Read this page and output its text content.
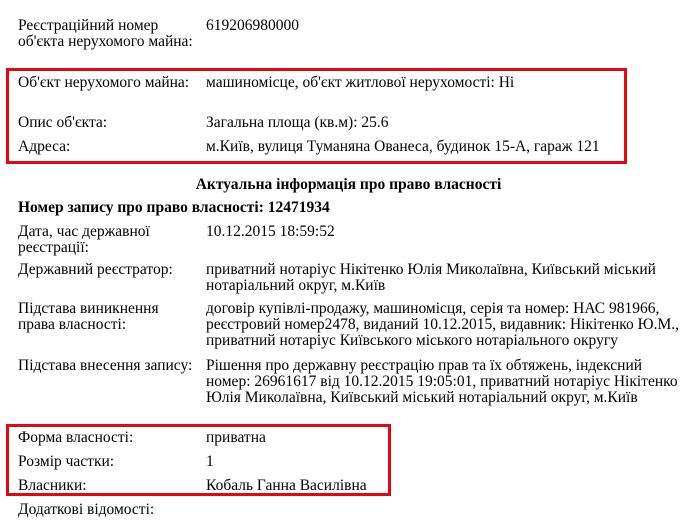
Реєстраційний номер об'єкта нерухомого майна:
619206980000
Об'єкт нерухомого майна:	машиномісце, об'єкт житлової нерухомості: Ні
Опис об'єкта:	Загальна площа (кв.м): 25.6
Адреса:	м.Київ, вулиця Туманяна Ованеса, будинок 15-А, гараж 121
Актуальна інформація про право власності
Номер запису про право власності: 12471934
Дата, час державної реєстрації:
10.12.2015 18:59:52
Державний реєстратор:	приватний нотаріус Нікітенко Юлія Миколаївна, Київський міський нотаріальний округ, м.Київ
Підстава виникнення права власності:
договір купівлі-продажу, машиномісця, серія та номер: НАС 981966, реєстровий номер2478, виданий 10.12.2015, видавник: Нікітенко Ю.М., приватний нотаріус Київського міського нотаріального округу
Підстава внесення запису: Рішення про державну реєстрацію прав та їх обтяжень, індексний номер: 26961617 від 10.12.2015 19:05:01, приватний нотаріус Нікітенко Юлія Миколаївна, Київський міський нотаріальний округ, м.Київ
Форма власності:	приватна
Розмір частки:	1
Власники:	Кобаль Ганна Василівна
Додаткові відомості:
